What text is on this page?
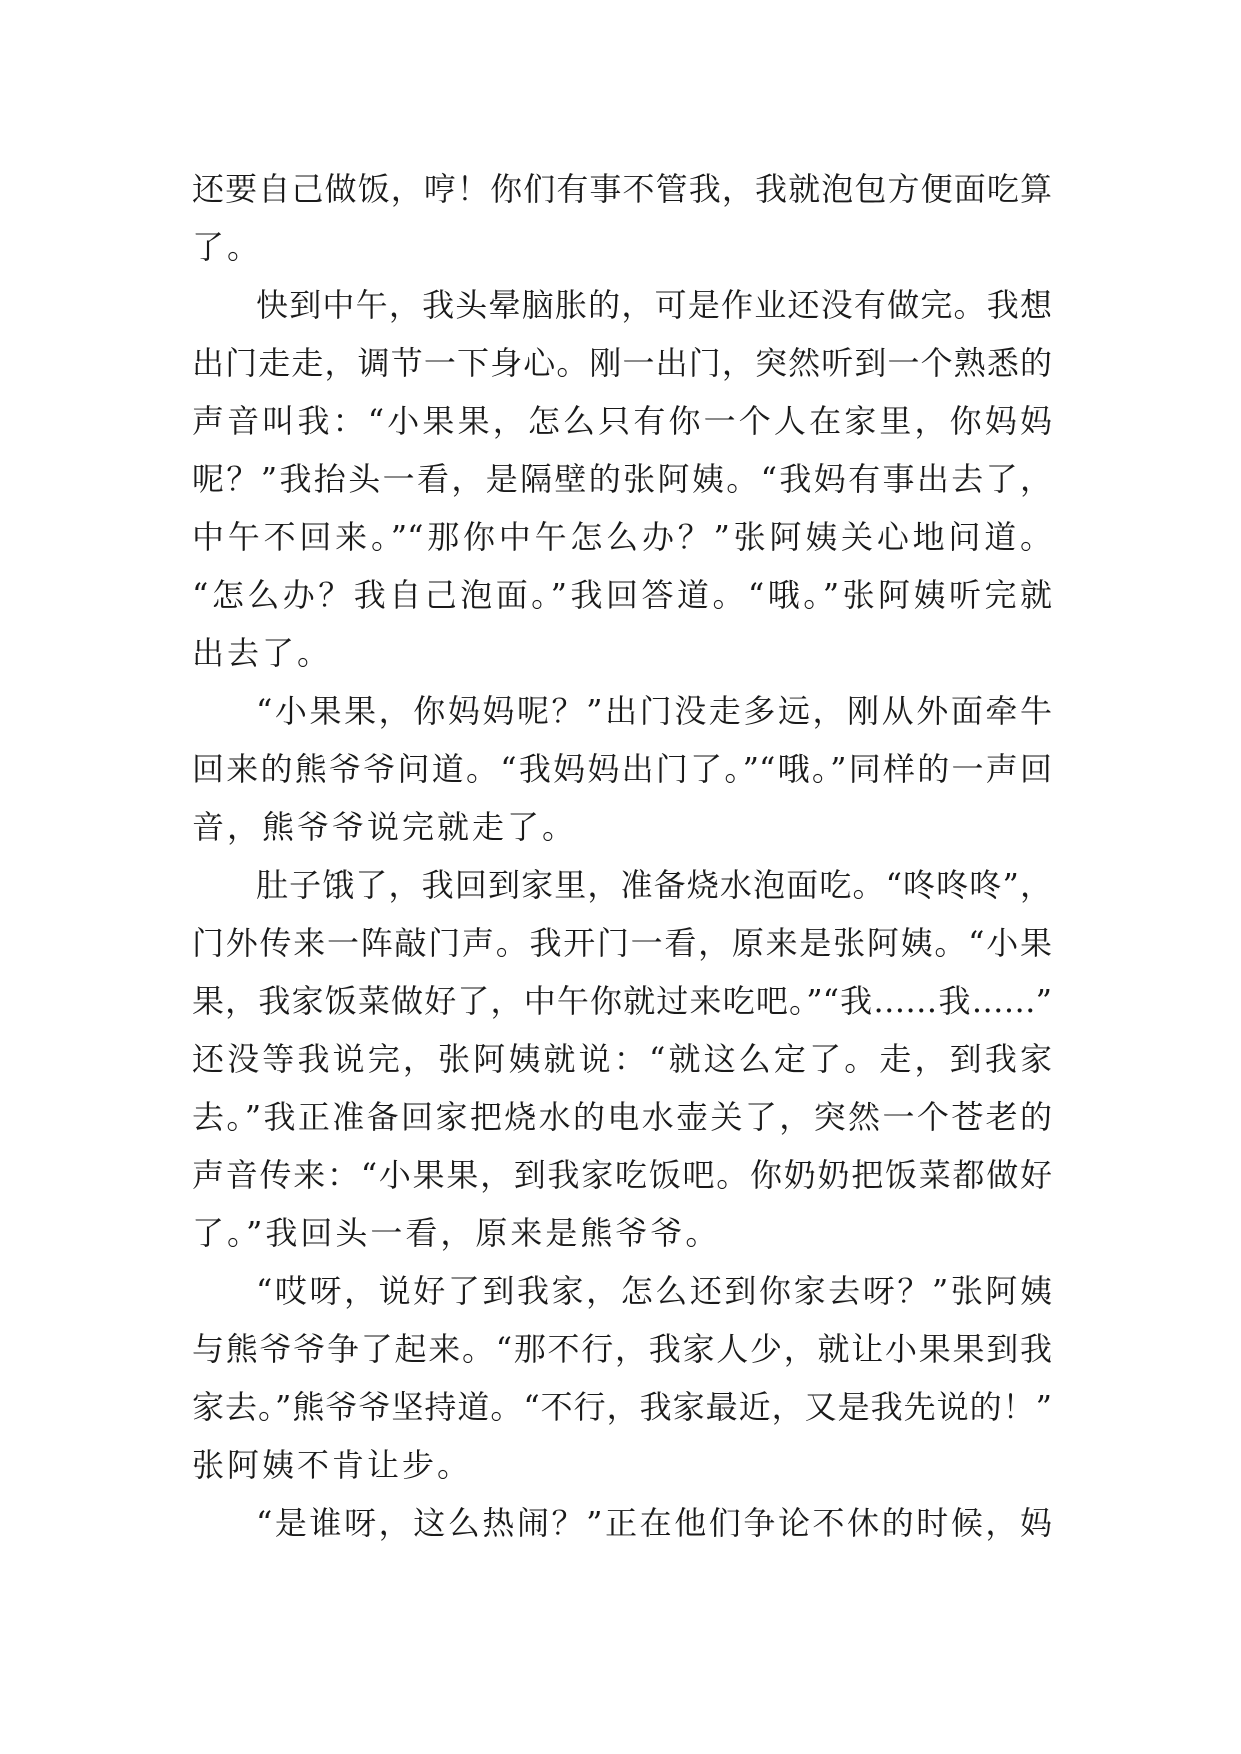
还要自己做饭，哼！你们有事不管我，我就泡包方便面吃算
了。
快到中午，我头晕脑胀的，可是作业还没有做完。我想
出门走走，调节一下身心。刚一出门，突然听到一个熟悉的
声音叫我：“小果果，怎么只有你一个人在家里，你妈妈
呢？”我抬头一看，是隔壁的张阿姨。“我妈有事出去了，
中午不回来。”“那你中午怎么办？”张阿姨关心地问道。
“怎么办？我自己泡面。”我回答道。“哦。”张阿姨听完就
出去了。
“小果果，你妈妈呢？”出门没走多远，刚从外面牵牛
回来的熊爷爷问道。“我妈妈出门了。”“哦。”同样的一声回
音，熊爷爷说完就走了。
肚子饿了，我回到家里，准备烧水泡面吃。“咚咚咚”，
门外传来一阵敲门声。我开门一看，原来是张阿姨。“小果
果，我家饭菜做好了，中午你就过来吃吧。”“我……我……”
还没等我说完，张阿姨就说：“就这么定了。走，到我家
去。”我正准备回家把烧水的电水壶关了，突然一个苍老的
声音传来：“小果果，到我家吃饭吧。你奶奶把饭菜都做好
了。”我回头一看，原来是熊爷爷。
“哎呀，说好了到我家，怎么还到你家去呀？”张阿姨
与熊爷爷争了起来。“那不行，我家人少，就让小果果到我
家去。”熊爷爷坚持道。“不行，我家最近，又是我先说的！”
张阿姨不肯让步。
“是谁呀，这么热闹？”正在他们争论不休的时候，妈
